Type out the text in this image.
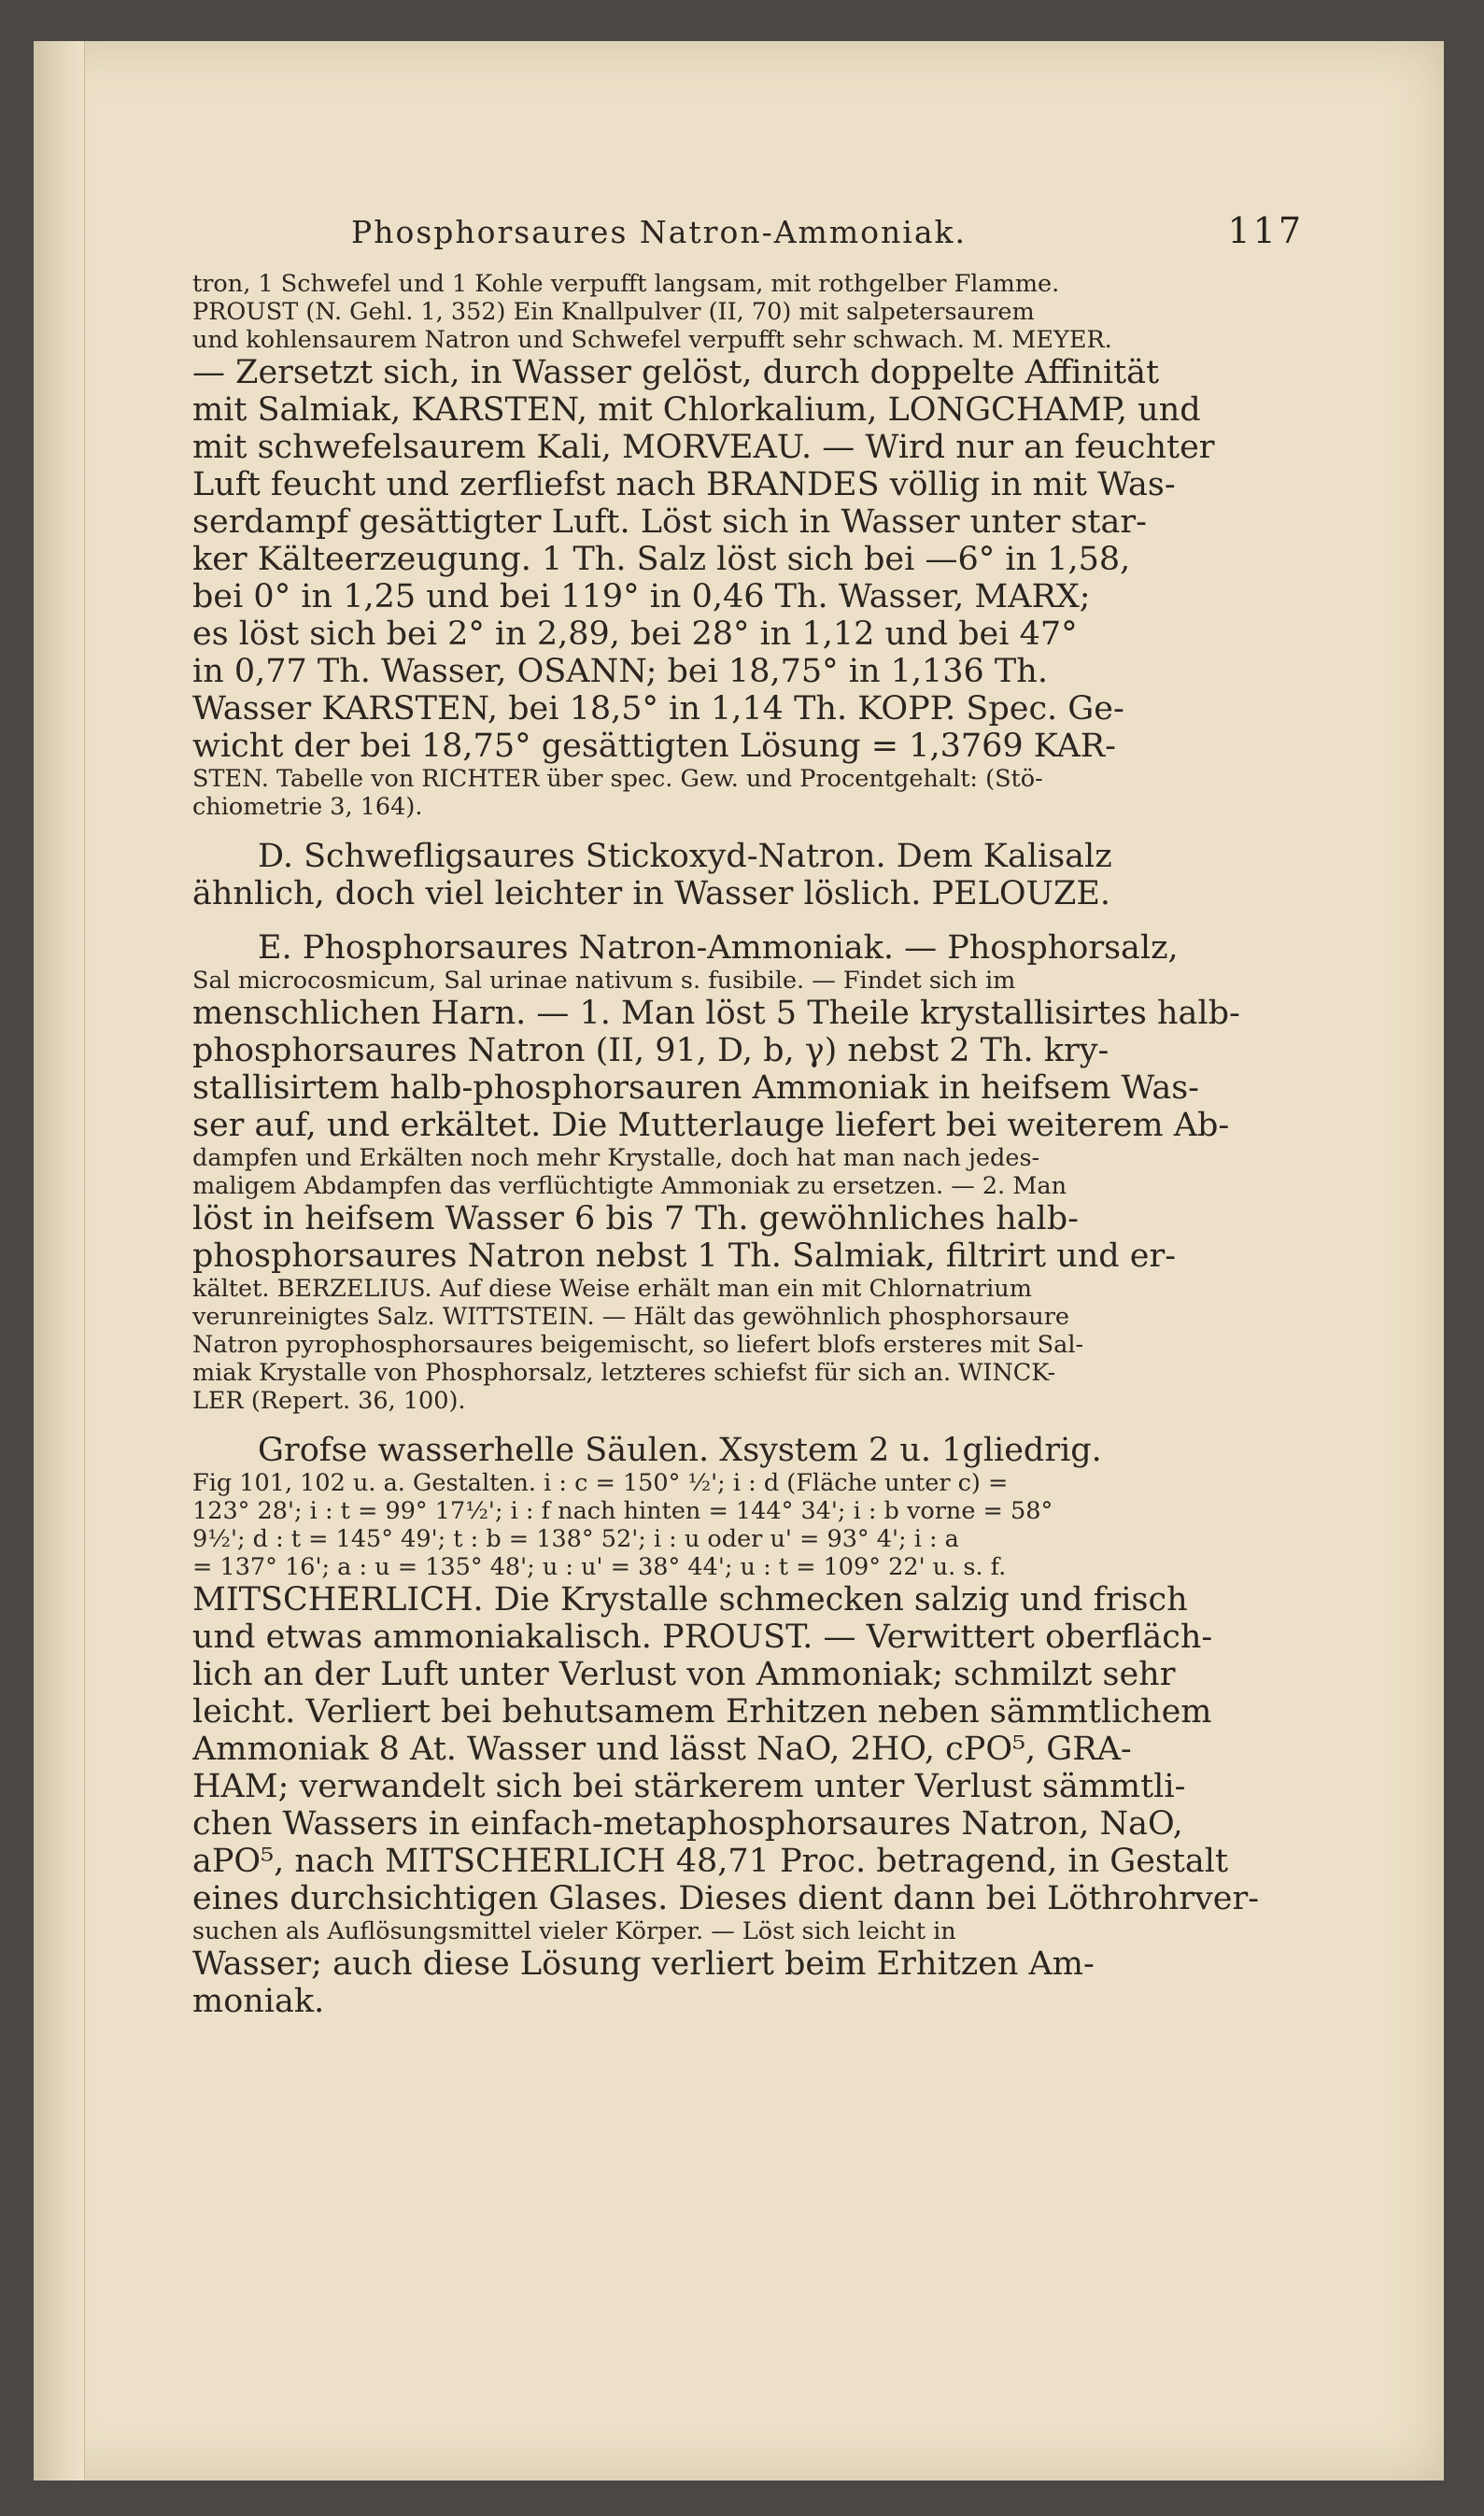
Phosphorsaures Natron-Ammoniak.	117
tron, 1 Schwefel und 1 Kohle verpufft langsam, mit rothgelber Flamme.
PROUST (N. Gehl. 1, 352) Ein Knallpulver (II, 70) mit salpetersaurem
und kohlensaurem Natron und Schwefel verpufft sehr schwach. M. MEYER.
— Zersetzt sich, in Wasser gelöst, durch doppelte Affinität
mit Salmiak, KARSTEN, mit Chlorkalium, LONGCHAMP, und
mit schwefelsaurem Kali, MORVEAU. — Wird nur an feuchter
Luft feucht und zerfliefst nach BRANDES völlig in mit Was-
serdampf gesättigter Luft. Löst sich in Wasser unter star-
ker Kälteerzeugung. 1 Th. Salz löst sich bei —6° in 1,58,
bei 0° in 1,25 und bei 119° in 0,46 Th. Wasser, MARX;
es löst sich bei 2° in 2,89, bei 28° in 1,12 und bei 47°
in 0,77 Th. Wasser, OSANN; bei 18,75° in 1,136 Th.
Wasser KARSTEN, bei 18,5° in 1,14 Th. KOPP. Spec. Ge-
wicht der bei 18,75° gesättigten Lösung = 1,3769 KAR-
STEN. Tabelle von RICHTER über spec. Gew. und Procentgehalt: (Stö-
chiometrie 3, 164).
D. Schwefligsaures Stickoxyd-Natron. Dem Kalisalz
ähnlich, doch viel leichter in Wasser löslich. PELOUZE.
E. Phosphorsaures Natron-Ammoniak. — Phosphorsalz,
Sal microcosmicum, Sal urinae nativum s. fusibile. — Findet sich im
menschlichen Harn. — 1. Man löst 5 Theile krystallisirtes halb-
phosphorsaures Natron (II, 91, D, b, γ) nebst 2 Th. kry-
stallisirtem halb-phosphorsauren Ammoniak in heifsem Was-
ser auf, und erkältet. Die Mutterlauge liefert bei weiterem Ab-
dampfen und Erkälten noch mehr Krystalle, doch hat man nach jedes-
maligem Abdampfen das verflüchtigte Ammoniak zu ersetzen. — 2. Man
löst in heifsem Wasser 6 bis 7 Th. gewöhnliches halb-
phosphorsaures Natron nebst 1 Th. Salmiak, filtrirt und er-
kältet. BERZELIUS. Auf diese Weise erhält man ein mit Chlornatrium
verunreinigtes Salz. WITTSTEIN. — Hält das gewöhnlich phosphorsaure
Natron pyrophosphorsaures beigemischt, so liefert blofs ersteres mit Sal-
miak Krystalle von Phosphorsalz, letzteres schiefst für sich an. WINCK-
LER (Repert. 36, 100).
Grofse wasserhelle Säulen. Xsystem 2 u. 1gliedrig.
Fig 101, 102 u. a. Gestalten. i : c = 150° ½'; i : d (Fläche unter c) =
123° 28'; i : t = 99° 17½'; i : f nach hinten = 144° 34'; i : b vorne = 58°
9½'; d : t = 145° 49'; t : b = 138° 52'; i : u oder u' = 93° 4'; i : a
= 137° 16'; a : u = 135° 48'; u : u' = 38° 44'; u : t = 109° 22' u. s. f.
MITSCHERLICH. Die Krystalle schmecken salzig und frisch
und etwas ammoniakalisch. PROUST. — Verwittert oberfläch-
lich an der Luft unter Verlust von Ammoniak; schmilzt sehr
leicht. Verliert bei behutsamem Erhitzen neben sämmtlichem
Ammoniak 8 At. Wasser und lässt NaO, 2HO, cPO⁵, GRA-
HAM; verwandelt sich bei stärkerem unter Verlust sämmtli-
chen Wassers in einfach-metaphosphorsaures Natron, NaO,
aPO⁵, nach MITSCHERLICH 48,71 Proc. betragend, in Gestalt
eines durchsichtigen Glases. Dieses dient dann bei Löthrohrver-
suchen als Auflösungsmittel vieler Körper. — Löst sich leicht in
Wasser; auch diese Lösung verliert beim Erhitzen Am-
moniak.
